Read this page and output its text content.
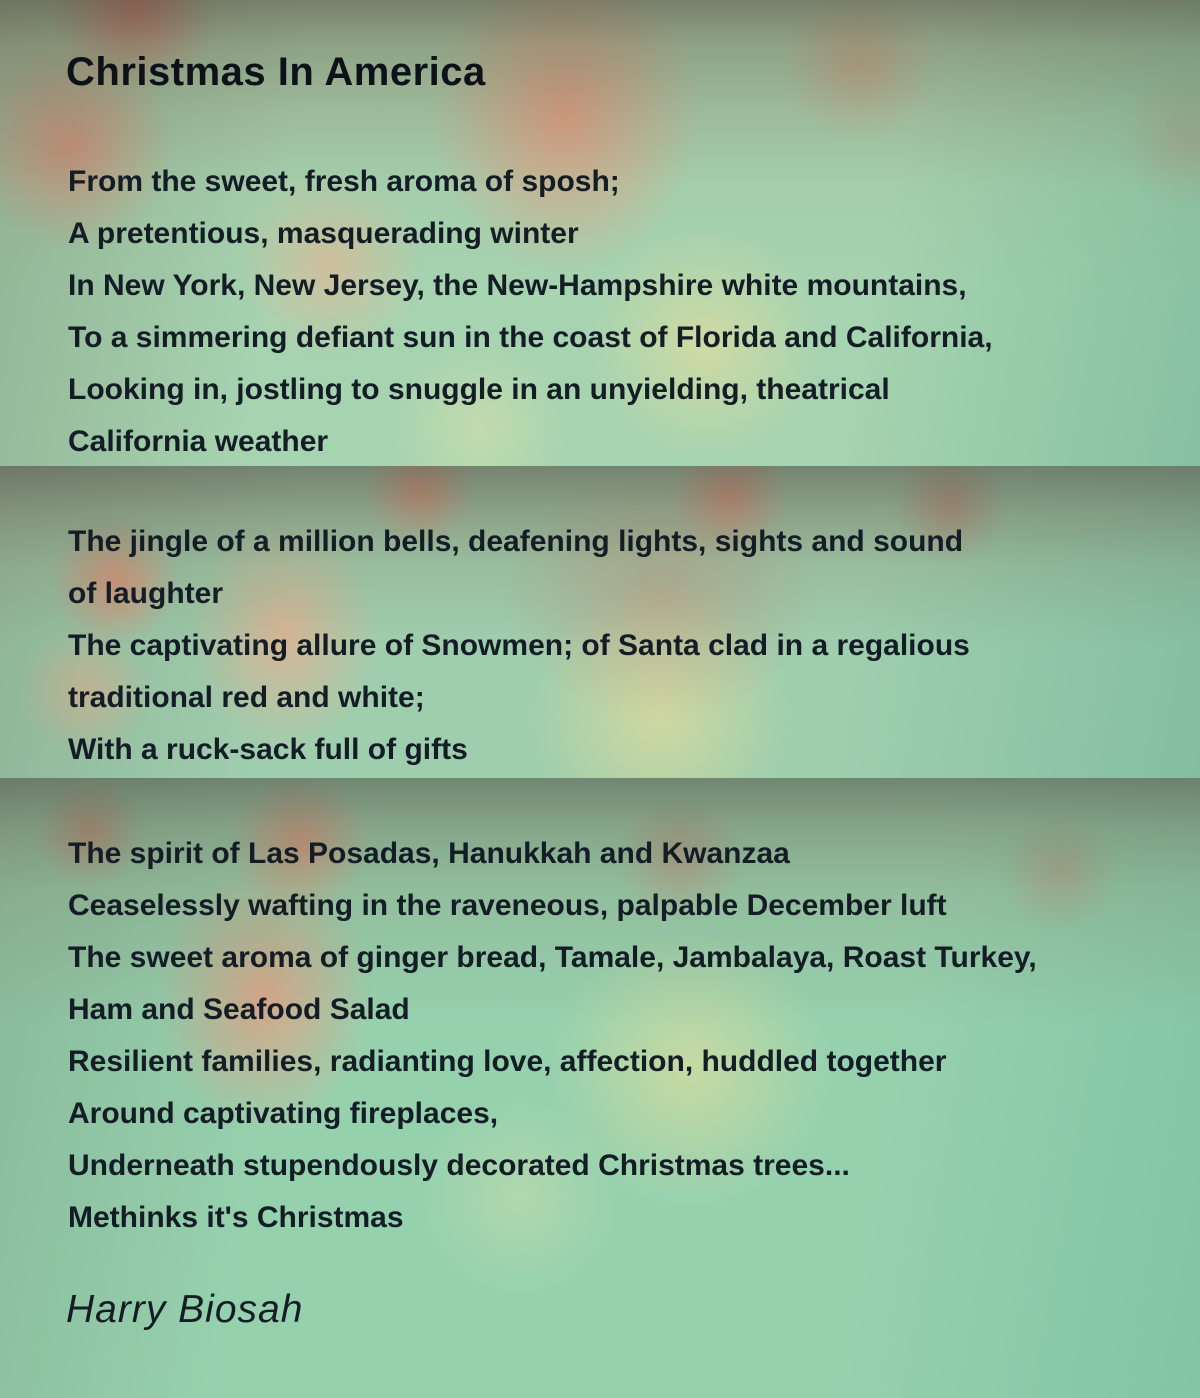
Christmas In America
From the sweet, fresh aroma of sposh;
A pretentious, masquerading winter
In New York, New Jersey, the New-Hampshire white mountains,
To a simmering defiant sun in the coast of Florida and California,
Looking in, jostling to snuggle in an unyielding, theatrical
California weather
The jingle of a million bells, deafening lights, sights and sound
of laughter
The captivating allure of Snowmen; of Santa clad in a regalious
traditional red and white;
With a ruck-sack full of gifts
The spirit of Las Posadas, Hanukkah and Kwanzaa
Ceaselessly wafting in the raveneous, palpable December luft
The sweet aroma of ginger bread, Tamale, Jambalaya, Roast Turkey,
Ham and Seafood Salad
Resilient families, radianting love, affection, huddled together
Around captivating fireplaces,
Underneath stupendously decorated Christmas trees...
Methinks it's Christmas
Harry Biosah
